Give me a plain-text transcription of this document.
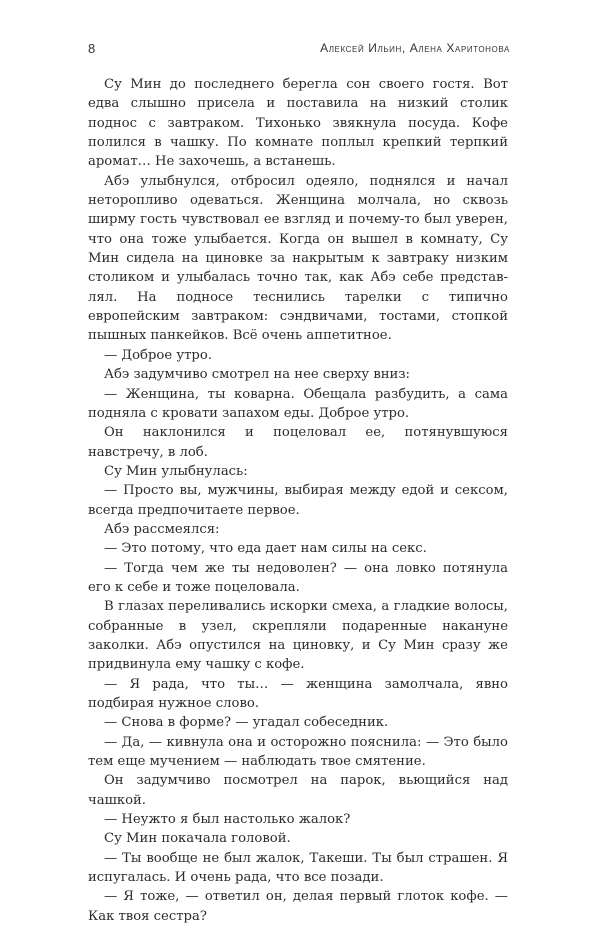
8	Алексей Ильин, Алена Харитонова

Су Мин до последнего берегла сон своего гостя. Вот едва слышно присела и поставила на низкий столик поднос с завтраком. Тихонько звякнула посуда. Кофе полился в чашку. По комнате поплыл крепкий терпкий аромат… Не захочешь, а встанешь.

Абэ улыбнулся, отбросил одеяло, поднялся и начал неторопливо одеваться. Женщина молчала, но сквозь ширму гость чувствовал ее взгляд и почему-то был уверен, что она тоже улыбается. Когда он вышел в комнату, Су Мин сидела на циновке за накрытым к завтраку низким столиком и улыбалась точно так, как Абэ себе представлял. На подносе теснились тарелки с типично европейским завтраком: сэндвичами, тостами, стопкой пышных панкейков. Всё очень аппетитное.

— Доброе утро.

Абэ задумчиво смотрел на нее сверху вниз:

— Женщина, ты коварна. Обещала разбудить, а сама подняла с кровати запахом еды. Доброе утро.

Он наклонился и поцеловал ее, потянувшуюся навстречу, в лоб.

Су Мин улыбнулась:

— Просто вы, мужчины, выбирая между едой и сексом, всегда предпочитаете первое.

Абэ рассмеялся:

— Это потому, что еда дает нам силы на секс.

— Тогда чем же ты недоволен? — она ловко потянула его к себе и тоже поцеловала.

В глазах переливались искорки смеха, а гладкие волосы, собранные в узел, скрепляли подаренные накануне заколки. Абэ опустился на циновку, и Су Мин сразу же придвинула ему чашку с кофе.

— Я рада, что ты… — женщина замолчала, явно подбирая нужное слово.

— Снова в форме? — угадал собеседник.

— Да, — кивнула она и осторожно пояснила: — Это было тем еще мучением — наблюдать твое смятение.

Он задумчиво посмотрел на парок, вьющийся над чашкой.

— Неужто я был настолько жалок?

Су Мин покачала головой.

— Ты вообще не был жалок, Такеши. Ты был страшен. Я испугалась. И очень рада, что все позади.

— Я тоже, — ответил он, делая первый глоток кофе. — Как твоя сестра?
